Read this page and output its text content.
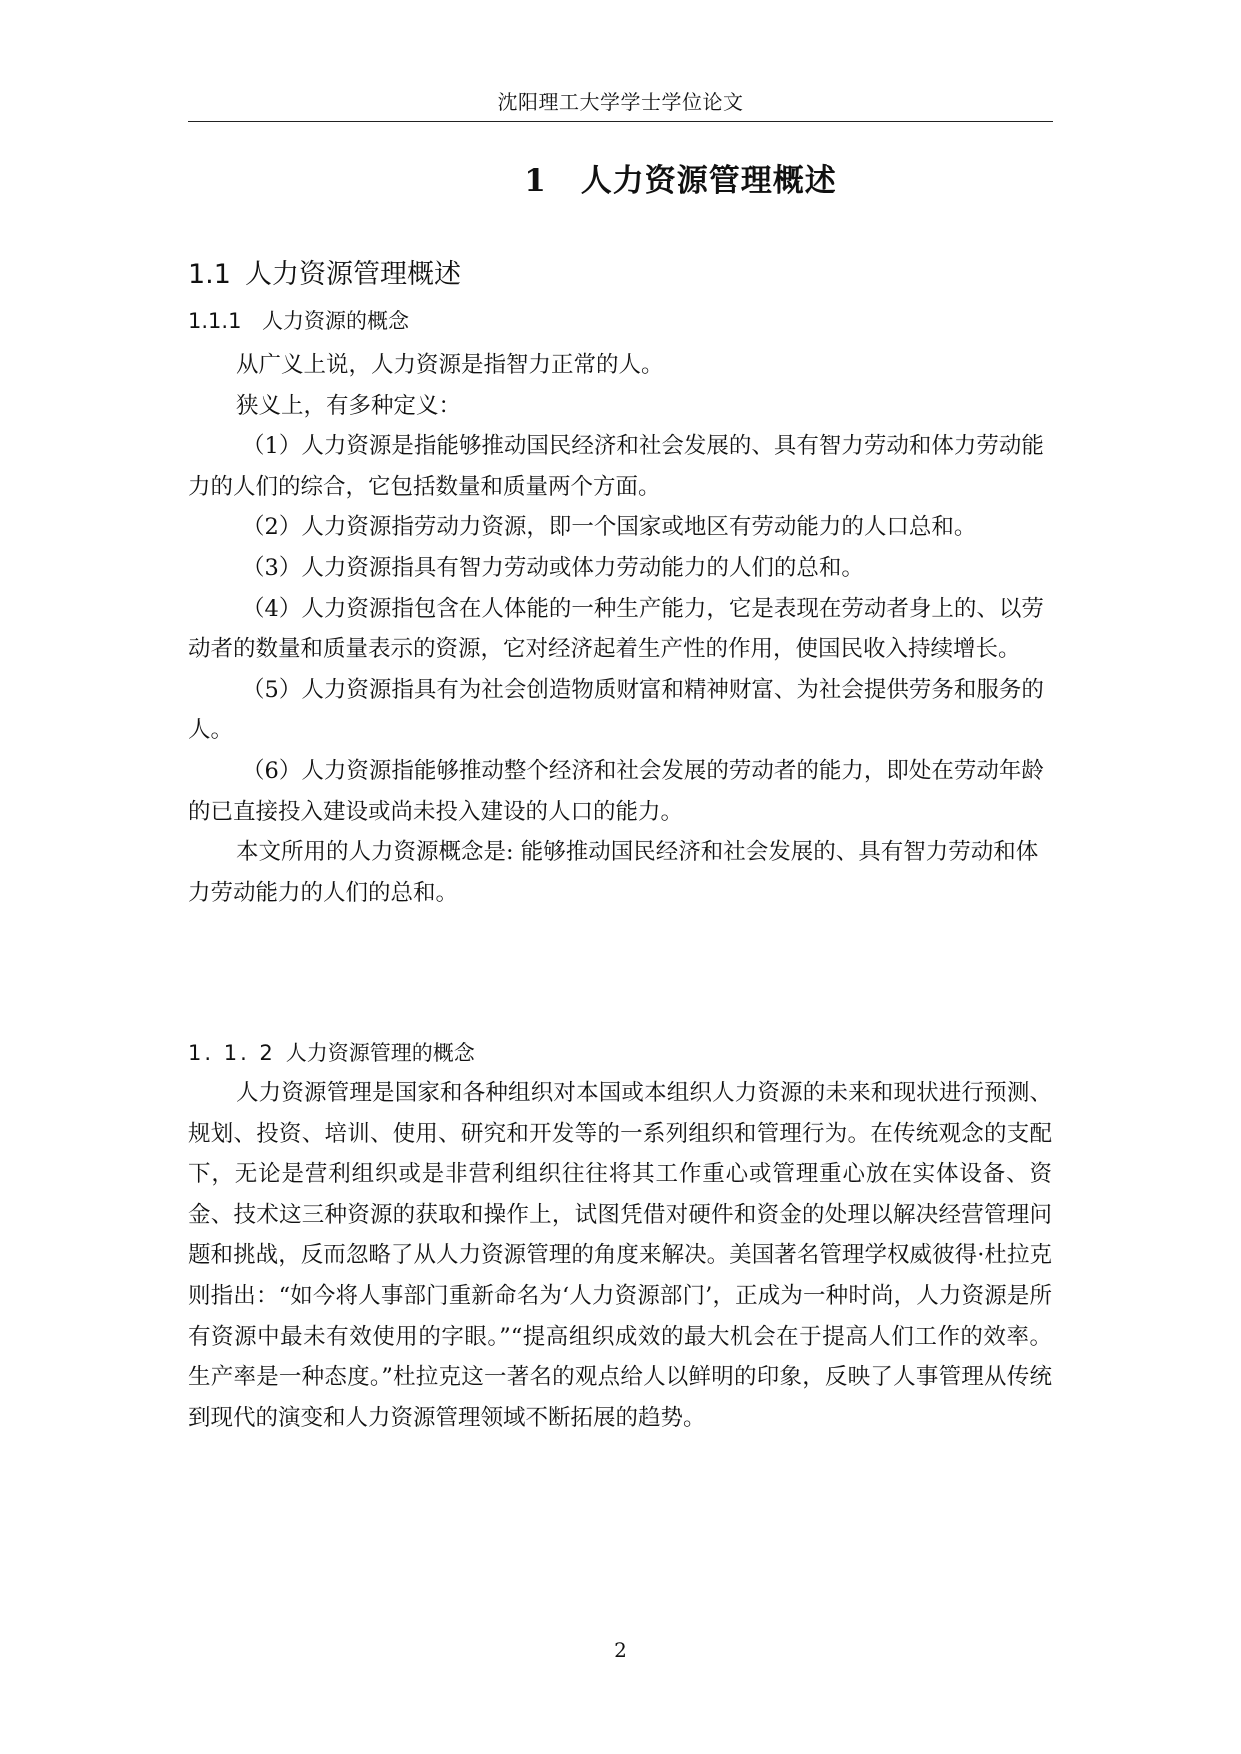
沈阳理工大学学士学位论文
1 人力资源管理概述
1.1 人力资源管理概述
1.1.1 人力资源的概念

从广义上说，人力资源是指智力正常的人。

狭义上，有多种定义：

（1）人力资源是指能够推动国民经济和社会发展的、具有智力劳动和体力劳动能力的人们的综合，它包括数量和质量两个方面。

（2）人力资源指劳动力资源，即一个国家或地区有劳动能力的人口总和。

（3）人力资源指具有智力劳动或体力劳动能力的人们的总和。

（4）人力资源指包含在人体能的一种生产能力，它是表现在劳动者身上的、以劳动者的数量和质量表示的资源，它对经济起着生产性的作用，使国民收入持续增长。

（5）人力资源指具有为社会创造物质财富和精神财富、为社会提供劳务和服务的人。

（6）人力资源指能够推动整个经济和社会发展的劳动者的能力，即处在劳动年龄的已直接投入建设或尚未投入建设的人口的能力。

本文所用的人力资源概念是: 能够推动国民经济和社会发展的、具有智力劳动和体力劳动能力的人们的总和。

1. 1. 2 人力资源管理的概念

人力资源管理是国家和各种组织对本国或本组织人力资源的未来和现状进行预测、规划、投资、培训、使用、研究和开发等的一系列组织和管理行为。在传统观念的支配下，无论是营利组织或是非营利组织往往将其工作重心或管理重心放在实体设备、资金、技术这三种资源的获取和操作上，试图凭借对硬件和资金的处理以解决经营管理问题和挑战，反而忽略了从人力资源管理的角度来解决。美国著名管理学权威彼得·杜拉克则指出：“如今将人事部门重新命名为‘人力资源部门’，正成为一种时尚，人力资源是所有资源中最未有效使用的字眼。”“提高组织成效的最大机会在于提高人们工作的效率。生产率是一种态度。”杜拉克这一著名的观点给人以鲜明的印象，反映了人事管理从传统到现代的演变和人力资源管理领域不断拓展的趋势。

2
